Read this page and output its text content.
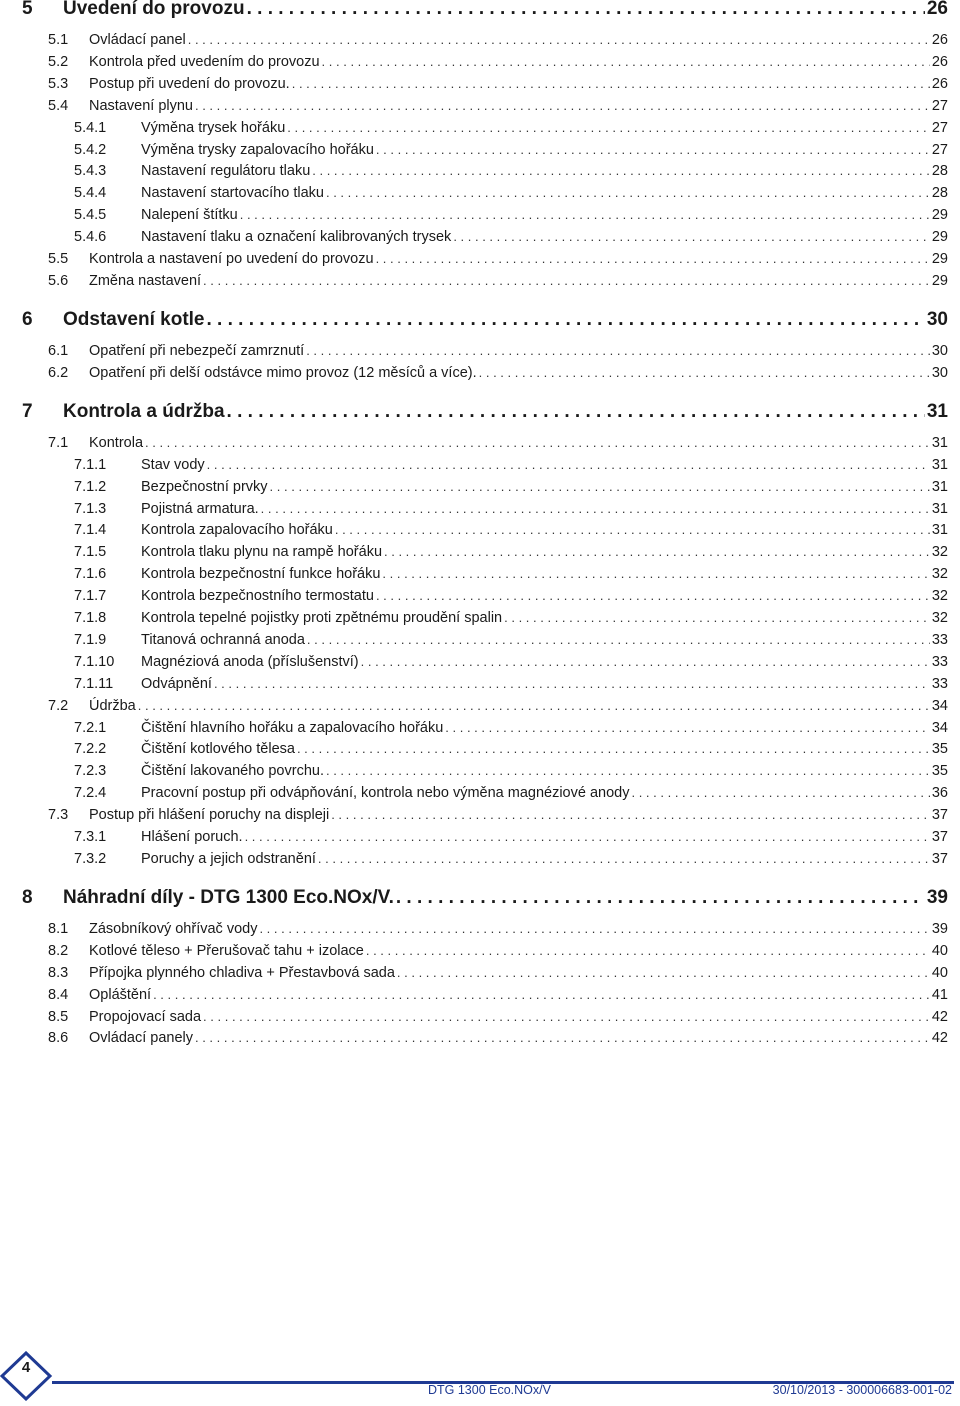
5	Uvedení do provozu . . .	26
5.1	Ovládací panel . . .	26
5.2	Kontrola před uvedením do provozu . . .	26
5.3	Postup při uvedení do provozu. . . .	26
5.4	Nastavení plynu . . .	27
5.4.1	Výměna trysek hořáku . . .	27
5.4.2	Výměna trysky zapalovacího hořáku . . .	27
5.4.3	Nastavení regulátoru tlaku . . .	28
5.4.4	Nastavení startovacího tlaku . . .	28
5.4.5	Nalepení štítku . . .	29
5.4.6	Nastavení tlaku a označení kalibrovaných trysek . . .	29
5.5	Kontrola a nastavení po uvedení do provozu . . .	29
5.6	Změna nastavení . . .	29
6	Odstavení kotle . . .	30
6.1	Opatření při nebezpečí zamrznutí . . .	30
6.2	Opatření při delší odstávce mimo provoz (12 měsíců a více). . . .	30
7	Kontrola a údržba . . .	31
7.1	Kontrola . . .	31
7.1.1	Stav vody . . .	31
7.1.2	Bezpečnostní prvky . . .	31
7.1.3	Pojistná armatura. . . .	31
7.1.4	Kontrola zapalovacího hořáku . . .	31
7.1.5	Kontrola tlaku plynu na rampě hořáku . . .	32
7.1.6	Kontrola bezpečnostní funkce hořáku . . .	32
7.1.7	Kontrola bezpečnostního termostatu . . .	32
7.1.8	Kontrola tepelné pojistky proti zpětnému proudění spalin . . .	32
7.1.9	Titanová ochranná anoda . . .	33
7.1.10	Magnéziová anoda (příslušenství) . . .	33
7.1.11	Odvápnění . . .	33
7.2	Údržba . . .	34
7.2.1	Čištění hlavního hořáku a zapalovacího hořáku . . .	34
7.2.2	Čištění kotlového tělesa . . .	35
7.2.3	Čištění lakovaného povrchu. . . .	35
7.2.4	Pracovní postup při odvápňování, kontrola nebo výměna magnéziové anody . . .	36
7.3	Postup při hlášení poruchy na displeji . . .	37
7.3.1	Hlášení poruch. . . .	37
7.3.2	Poruchy a jejich odstranění . . .	37
8	Náhradní díly - DTG 1300 Eco.NOx/V. . . .	39
8.1	Zásobníkový ohřívač vody . . .	39
8.2	Kotlové těleso + Přerušovač tahu + izolace . . .	40
8.3	Přípojka plynného chladiva + Přestavbová sada . . .	40
8.4	Opláštění . . .	41
8.5	Propojovací sada . . .	42
8.6	Ovládací panely . . .	42
4
DTG 1300 Eco.NOx/V	30/10/2013 - 300006683-001-02
